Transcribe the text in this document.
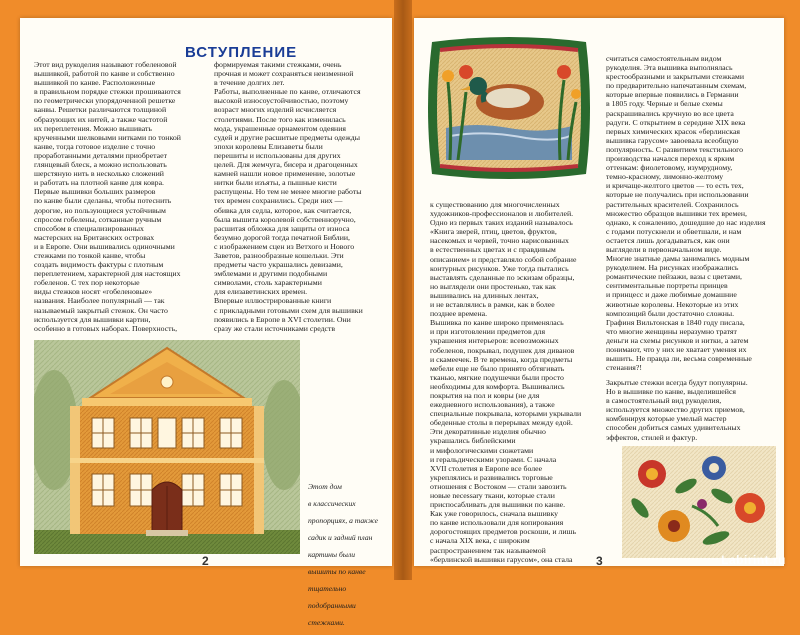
ВСТУПЛЕНИЕ

Этот вид рукоделия называют гобеленовой

вышивкой, работой по канве и собственно

вышивкой по канве. Расположенные

в правильном порядке стежки прошиваются

по геометрически упорядоченной решетке

канвы. Решетки различаются толщиной

образующих их нитей, а также частотой

их переплетения. Можно вышивать

крученными шелковыми нитками по тонкой

канве, тогда готовое изделие с точно

проработанными деталями приобретает

глянцевый блеск, а можно использовать

шерстяную нить в несколько сложений

и работать на плотной канве для ковра.

Первые вышивки больших размеров

по канве были сделаны, чтобы потеснить

дорогие, но пользующиеся устойчивым

спросом гобелены, сотканные ручным

способом в специализированных

мастерских на Британских островах

и в Европе. Они вышивались одиночными

стежками по тонкой канве, чтобы

создать видимость фактуры с плотным

переплетением, характерной для настоящих

гобеленов. С тех пор некоторые

виды стежков носят «гобеленовые»

названия. Наиболее популярный — так

называемый закрытый стежок. Он часто

используется для вышивки картин,

особенно в готовых наборах. Поверхность,

формируемая такими стежками, очень

прочная и может сохраняться неизменной

в течение долгих лет.

Работы, выполненные по канве, отличаются

высокой износоустойчивостью, поэтому

возраст многих изделий исчисляется

столетиями. После того как изменилась

мода, украшенные орнаментом одеяния

судей и другие расшитые предметы одежды

эпохи королевы Елизаветы были

перешиты и использованы для других

целей. Для жемчуга, бисера и драгоценных

камней нашли новое применение, золотые

нитки были изъяты, а пышные кисти

распущены. Но тем не менее многие работы

тех времен сохранились. Среди них —

обивка для седла, которое, как считается,

была вышита королевой собственноручно,

расшитая обложка для защиты от износа

безумно дорогой тогда печатной Библии,

с изображением сцен из Ветхого и Нового

Заветов, разнообразные кошельки. Эти

предметы часто украшались девизами,

эмблемами и другими подобными

символами, столь характерными

для елизаветинских времен.

Впервые иллюстрированные книги

с прикладными готовыми схем для вышивки

появились в Европе в XVI столетии. Они

сразу же стали источниками средств

Этот дом

в классических

пропорциях, а также

садик и задний план

картины были

вышиты по канве

тщательно

подобранными

стежками.

2

к существованию для многочисленных

художников-профессионалов и любителей.

Одно из первых таких изданий называлось

«Книга зверей, птиц, цветов, фруктов,

насекомых и червей, точно нарисованных

в естественных цветах и с правдивым

описанием» и представляло собой собрание

контурных рисунков. Уже тогда пытались

выставлять сделанные по эскизам образцы,

но выглядели они простенько, так как

вышивались на длинных лентах,

и не вставлялись в рамки, как в более

позднее времена.

Вышивка по канве широко применялась

и при изготовлении предметов для

украшения интерьеров: всевозможных

гобеленов, покрывал, подушек для диванов

и скамеечек. В те времена, когда предметы

мебели еще не было принято обтягивать

тканью, мягкие подушечки были просто

необходимы для комфорта. Вышивались

покрытия на пол и ковры (не для

ежедневного использования), а также

специальные покрывала, которыми укрывали

обеденные столы в перерывах между едой.

Эти декоративные изделия обычно

украшались библейскими

и мифологическими сюжетами

и геральдическими узорами. С начала

XVII столетия в Европе все более

укреплялись и развивались торговые

отношения с Востоком — стали завозить

новые necessary ткани, которые стали

приспосабливать для вышивки по канве.

Как уже говорилось, сначала вышивку

по канве использовали для копирования

дорогостоящих предметов роскоши, и лишь

с начала XIX века, с широким

распространением так называемой

«берлинской вышивки гарусом», она стала

считаться самостоятельным видом

рукоделия. Эта вышивка выполнялась

крестообразными и закрытыми стежками

по предварительно напечатанным схемам,

которые впервые появились в Германии

в 1805 году. Черные и белые схемы

раскрашивались кручную во все цвета

радуги. С открытием в середине XIX века

первых химических красок «берлинская

вышивка гарусом» завоевала всеобщую

популярность. С развитием текстильного

производства начался переход к ярким

оттенкам: фиолетовому, изумрудному,

темно-красному, лимонно-желтому

и кричаще-желтого цветов — то есть тех,

которые не получались при использовании

растительных красителей. Сохранилось

множество образцов вышивки тех времен,

однако, к сожалению, дошедшие до нас изделия

с годами потускнели и обветшали, и нам

остается лишь догадываться, как они

выглядели в первоначальном виде.

Многие знатные дамы занимались модным

рукоделием. На рисунках изображались

романтические пейзажи, вазы с цветами,

сентиментальные портреты принцев

и принцесс и даже любимые домашние

животные королевы. Некоторые из этих

композиций были достаточно сложны.

Графиня Вильтонская в 1840 году писала,

что многие женщины неразумно тратят

деньги на схемы рисунков и нитки, а затем

понимают, что у них не хватает умения их

вышить. Не правда ли, весьма современные

стенания?!

Закрытые стежки всегда будут популярны.

Но в вышивке по канве, выделившейся

в самостоятельный вид рукоделия,

используется множество других приемов,

комбинируя которые умелый мастер

способен добиться самых удивительных

эффектов, стилей и фактур.

3	Labirint.ru
